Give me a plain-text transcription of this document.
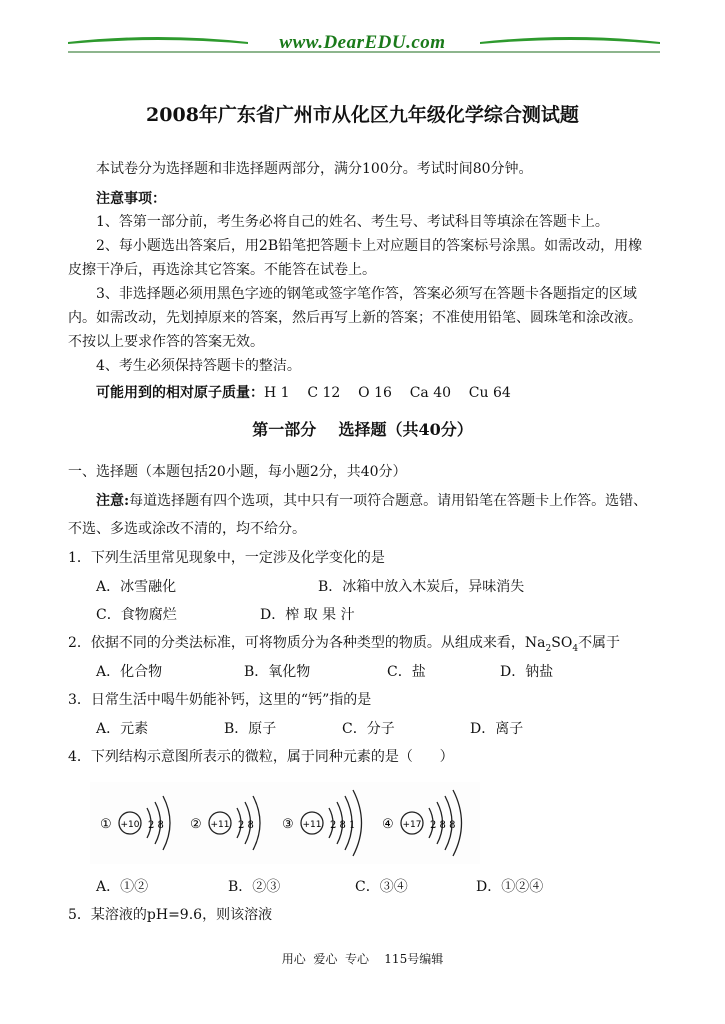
www.DearEDU.com
2008年广东省广州市从化区九年级化学综合测试题
本试卷分为选择题和非选择题两部分，满分100分。考试时间80分钟。
注意事项：
1、答第一部分前，考生务必将自己的姓名、考生号、考试科目等填涂在答题卡上。
2、每小题选出答案后，用2B铅笔把答题卡上对应题目的答案标号涂黑。如需改动，用橡
皮擦干净后，再选涂其它答案。不能答在试卷上。
3、非选择题必须用黑色字迹的钢笔或签字笔作答，答案必须写在答题卡各题指定的区域
内。如需改动，先划掉原来的答案，然后再写上新的答案；不准使用铅笔、圆珠笔和涂改液。
不按以上要求作答的答案无效。
4、考生必须保持答题卡的整洁。
可能用到的相对原子质量：H 1    C 12    O 16    Ca 40    Cu 64
第一部分    选择题（共40分）
一、选择题（本题包括20小题，每小题2分，共40分）
注意:每道选择题有四个选项，其中只有一项符合题意。请用铅笔在答题卡上作答。选错、
不选、多选或涂改不清的，均不给分。
1．下列生活里常见现象中，一定涉及化学变化的是
A．冰雪融化	B．冰箱中放入木炭后，异味消失
C．食物腐烂	D．榨 取 果 汁
2．依据不同的分类法标准，可将物质分为各种类型的物质。从组成来看，$Na_2SO_4$不属于
A．化合物	B．氧化物	C．盐	D．钠盐
3．日常生活中喝牛奶能补钙，这里的“钙”指的是
A．元素	B．原子	C．分子	D．离子
4．下列结构示意图所表示的微粒，属于同种元素的是（      ）
① +10 2 8 ② +11 2 8 ③ +11 2 8 1 ④ +17 2 8 8
A．①②	B．②③	C．③④	D．①②④
5．某溶液的pH=9.6，则该溶液
用心  爱心  专心    115号编辑
